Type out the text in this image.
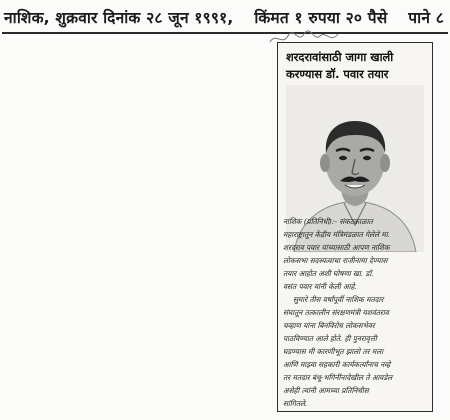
नाशिक, शुक्रवार दिनांक २८ जून १९९१, किंमत १ रुपया २० पैसे पाने ८
शरदरावांसाठी जागा खाली
करण्यास डॉ. पवार तयार
नाशिक (प्रतिनिधी):- संकटकाळात
महाराष्ट्रातून केंद्रीय मंत्रिमंडळात गेलेले मा.
शरदराव पवार यांच्यासाठी आपण नाशिक
लोकसभा सदस्यत्वाचा राजीनामा देण्यास
तयार आहोत अशी घोषणा खा. डॉ.
वसंत पवार यांनी केली आहे.
सुमारे तीस वर्षांपूर्वी नाशिक मतदार
संघातून तत्कालीन संरक्षणमंत्री यशवंतराव
चव्हाण यांना बिनविरोध लोकसभेवर
पाठविण्यात आले होते. ही पुनरावृत्ती
घडण्यास मी कारणीभूत झालो तर मला
आणि माझ्या सहकारी कार्यकर्त्यांनाच नव्हे
तर मतदार बंधू-भगिनींनादेखील ते आवडेल
असेही त्यांनी आमच्या प्रतिनिधीस
सांगितले.
